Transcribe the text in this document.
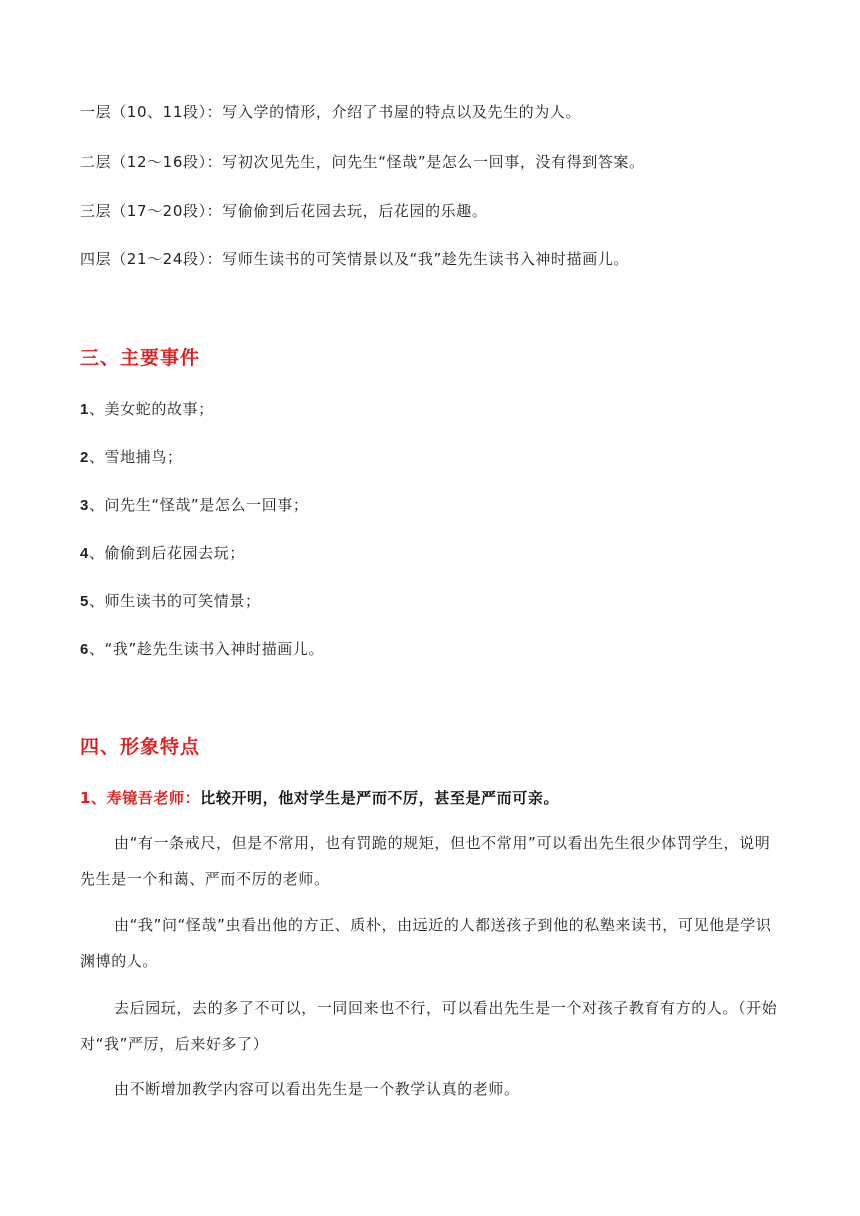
一层（10、11段）：写入学的情形，介绍了书屋的特点以及先生的为人。
二层（12～16段）：写初次见先生，问先生“怪哉”是怎么一回事，没有得到答案。
三层（17～20段）：写偷偷到后花园去玩，后花园的乐趣。
四层（21～24段）：写师生读书的可笑情景以及“我”趁先生读书入神时描画儿。
三、主要事件
1、美女蛇的故事；
2、雪地捕鸟；
3、问先生“怪哉”是怎么一回事；
4、偷偷到后花园去玩；
5、师生读书的可笑情景；
6、“我”趁先生读书入神时描画儿。
四、形象特点
1、寿镜吾老师：比较开明，他对学生是严而不厉，甚至是严而可亲。
由“有一条戒尺，但是不常用，也有罚跪的规矩，但也不常用”可以看出先生很少体罚学生，说明先生是一个和蔼、严而不厉的老师。
由“我”问“怪哉”虫看出他的方正、质朴，由远近的人都送孩子到他的私塾来读书，可见他是学识渊博的人。
去后园玩，去的多了不可以，一同回来也不行，可以看出先生是一个对孩子教育有方的人。（开始对“我”严厉，后来好多了）
由不断增加教学内容可以看出先生是一个教学认真的老师。
